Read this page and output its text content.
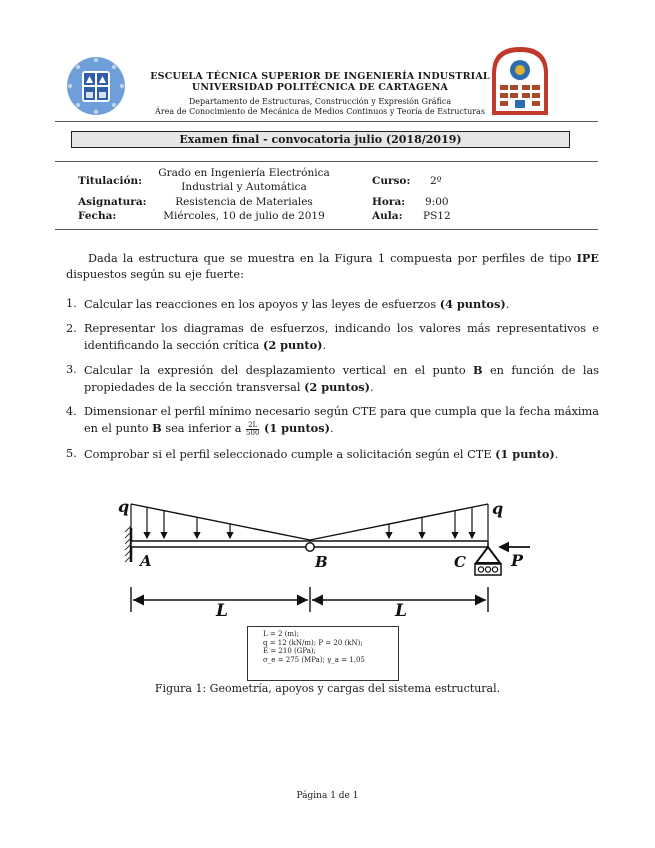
ESCUELA TÉCNICA SUPERIOR DE INGENIERÍA INDUSTRIAL
UNIVERSIDAD POLITÉCNICA DE CARTAGENA
Departamento de Estructuras, Construcción y Expresión Gráfica
Área de Conocimiento de Mecánica de Medios Continuos y Teoría de Estructuras
Examen final - convocatoria julio (2018/2019)
Titulación:
Grado en Ingeniería Electrónica
Industrial y Automática	Curso: 2º
Asignatura:	Resistencia de Materiales	Hora: 9:00
Fecha:	Miércoles, 10 de julio de 2019	Aula: PS12
Dada la estructura que se muestra en la Figura 1 compuesta por perfiles de tipo IPE dispuestos según su eje fuerte:
1. Calcular las reacciones en los apoyos y las leyes de esfuerzos (4 puntos).
2. Representar los diagramas de esfuerzos, indicando los valores más representativos e identificando la sección crítica (2 punto).
3. Calcular la expresión del desplazamiento vertical en el punto B en función de las propiedades de la sección transversal (2 puntos).
4. Dimensionar el perfil mínimo necesario según CTE para que cumpla que la fecha máxima en el punto B sea inferior a $\frac{2L}{500} (1$ puntos).
5. Comprobar si el perfil seleccionado cumple a solicitación según el CTE (1 punto).
q	q
A	B	C	P
L	L
L = 2 (m);
q = 12 (kN/m); P = 20 (kN);
E = 210 (GPa);
σ_e = 275 (MPa); γ_a = 1,05
Figura 1: Geometría, apoyos y cargas del sistema estructural.
Página 1 de 1
